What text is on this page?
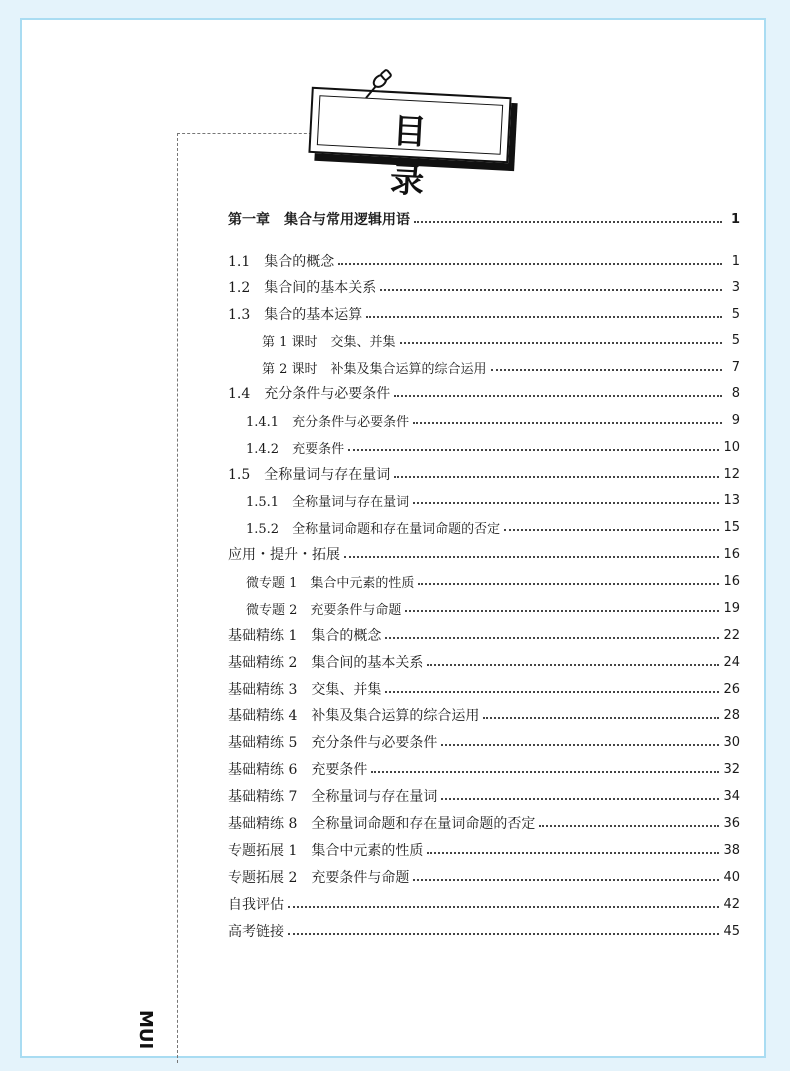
目 录
第一章　集合与常用逻辑用语	1
1.1　集合的概念	1
1.2　集合间的基本关系	3
1.3　集合的基本运算	5
第 1 课时　交集、并集	5
第 2 课时　补集及集合运算的综合运用	7
1.4　充分条件与必要条件	8
1.4.1　充分条件与必要条件	9
1.4.2　充要条件	10
1.5　全称量词与存在量词	12
1.5.1　全称量词与存在量词	13
1.5.2　全称量词命题和存在量词命题的否定	15
应用・提升・拓展	16
微专题 1　集合中元素的性质	16
微专题 2　充要条件与命题	19
基础精练 1　集合的概念	22
基础精练 2　集合间的基本关系	24
基础精练 3　交集、并集	26
基础精练 4　补集及集合运算的综合运用	28
基础精练 5　充分条件与必要条件	30
基础精练 6　充要条件	32
基础精练 7　全称量词与存在量词	34
基础精练 8　全称量词命题和存在量词命题的否定	36
专题拓展 1　集合中元素的性质	38
专题拓展 2　充要条件与命题	40
自我评估	42
高考链接	45
MUI
